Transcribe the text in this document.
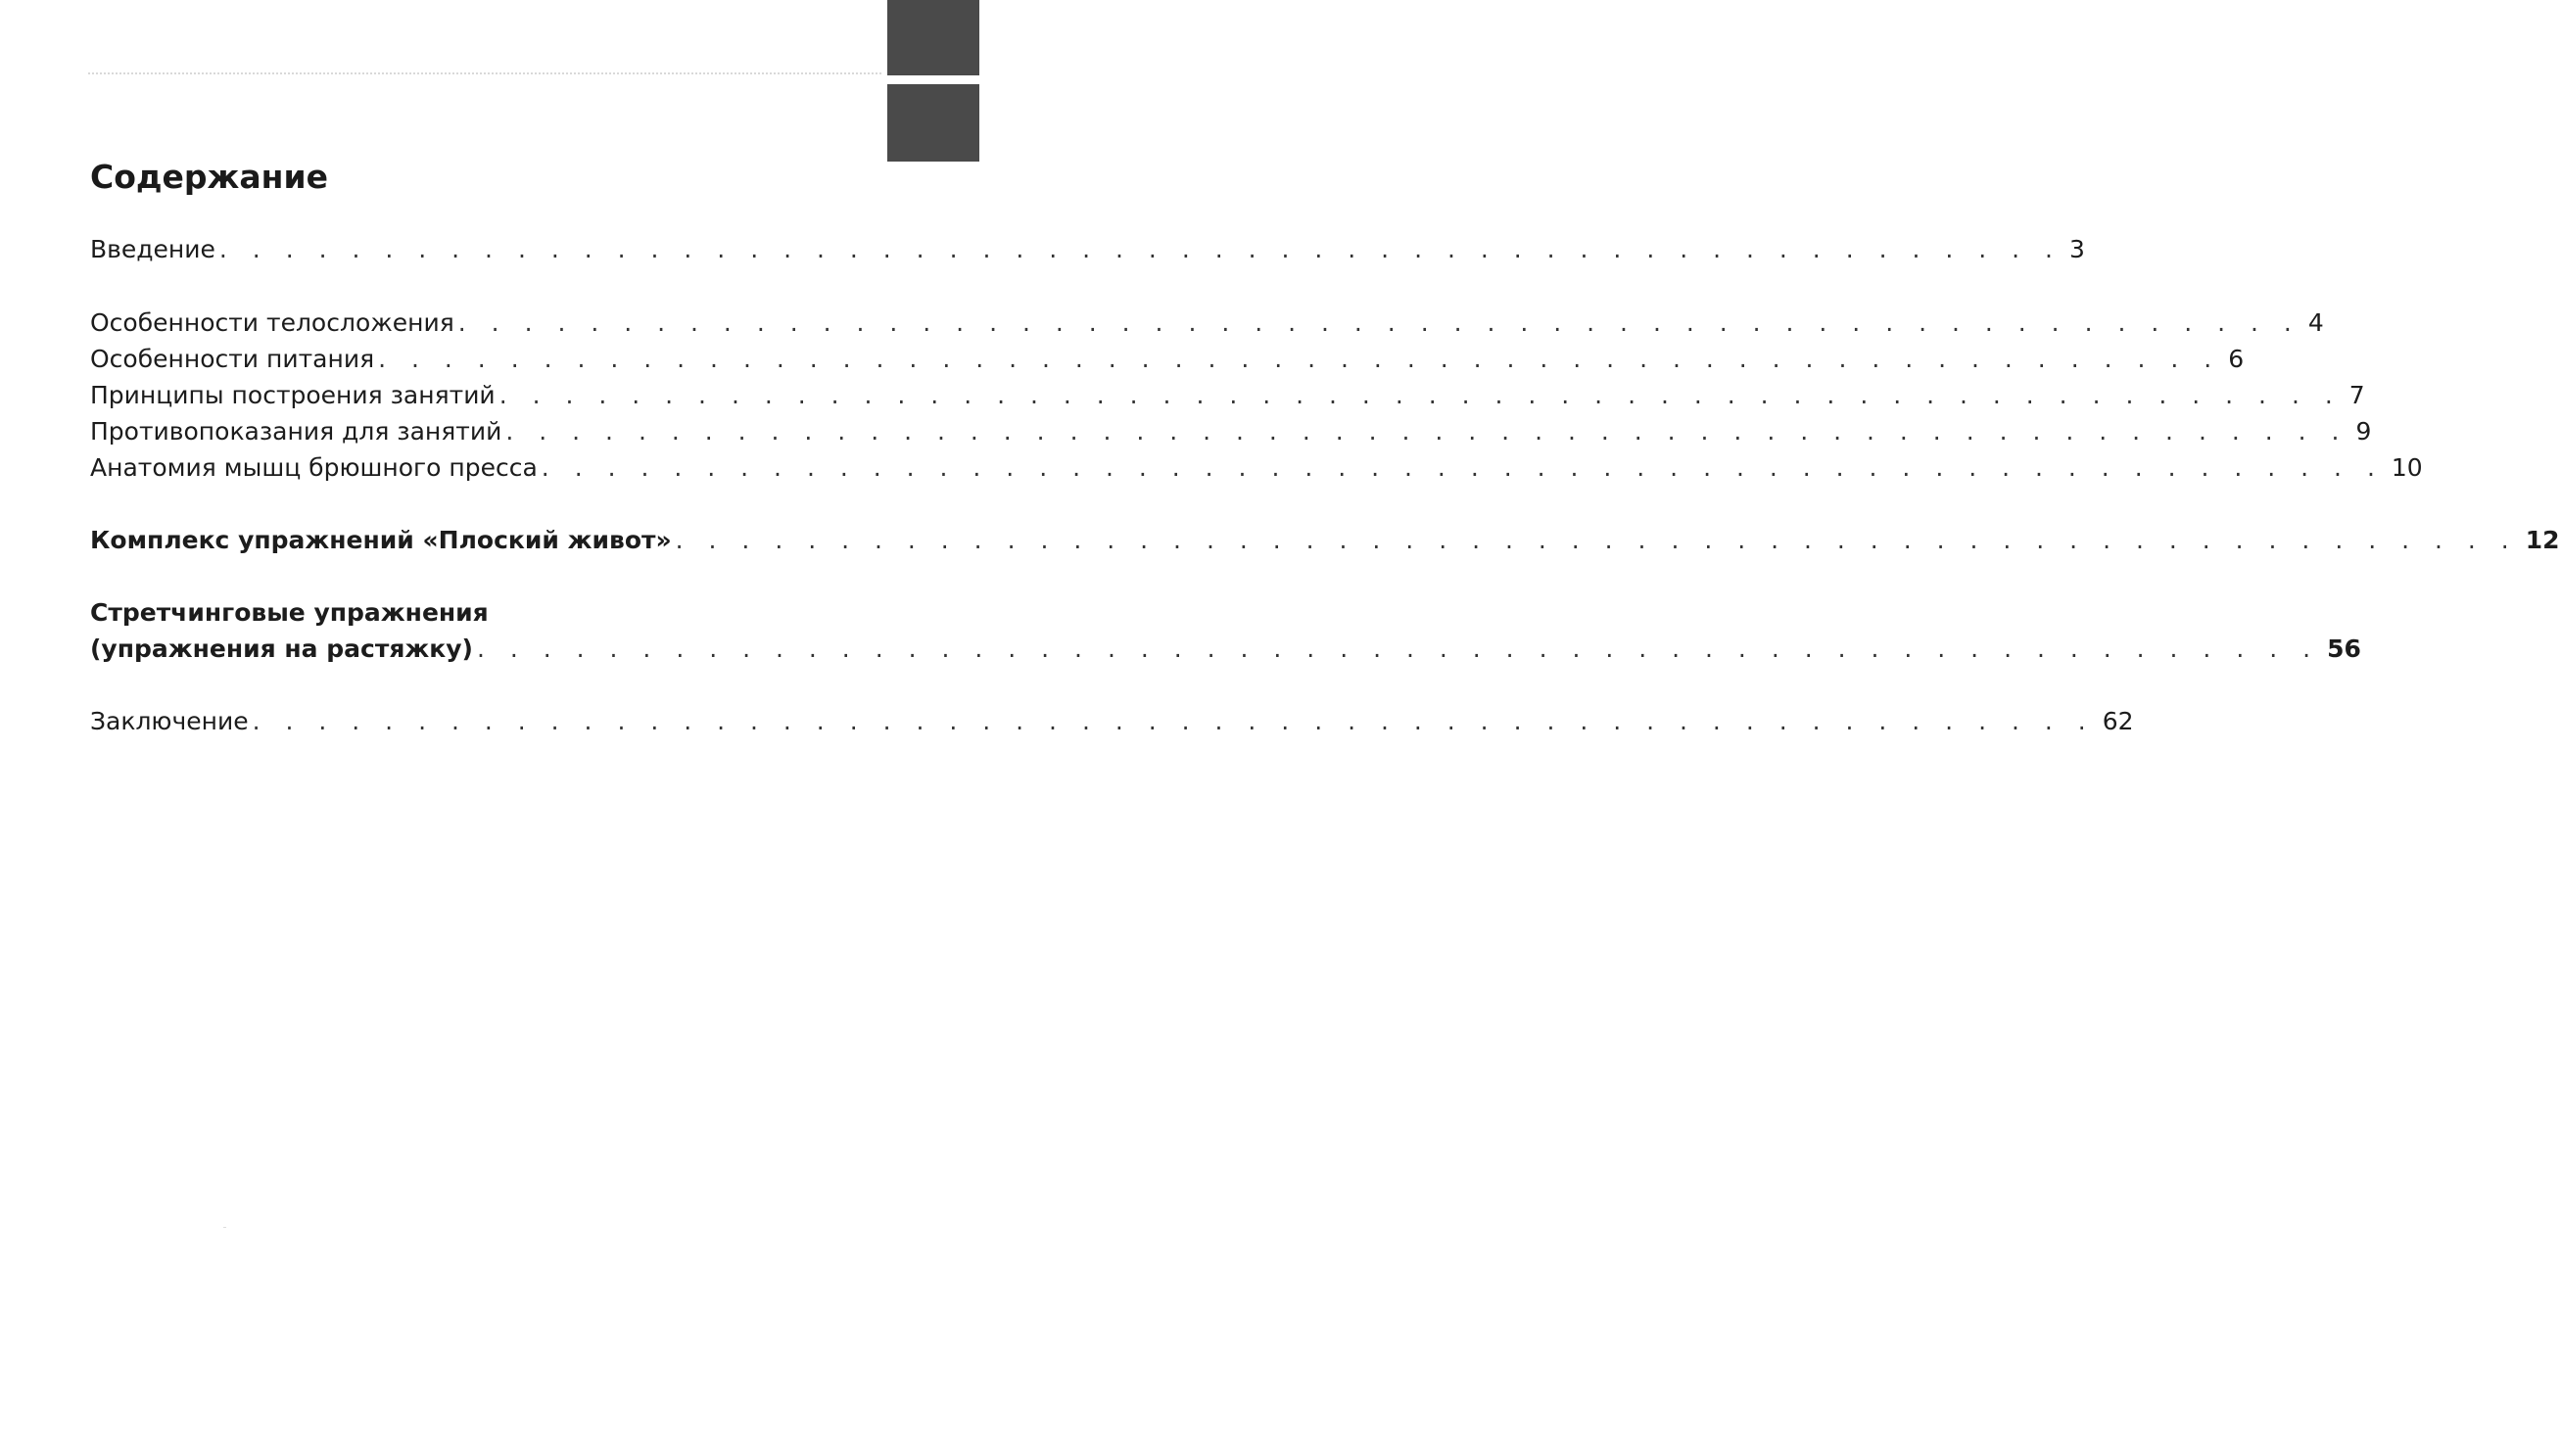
Содержание
Введение . . . . . . . . . . . . . . . . . . . . . . . . . . . . . . . . . . . . . . . . . . . . . . . . . . . . . . . . 3
Особенности телосложения . . . . . . . . . . . . . . . . . . . . . . . . . . . . . . . . . . . . . . . . . . . . . . . . . . . . . . . . 4
Особенности питания . . . . . . . . . . . . . . . . . . . . . . . . . . . . . . . . . . . . . . . . . . . . . . . . . . . . . . . . 6
Принципы построения занятий . . . . . . . . . . . . . . . . . . . . . . . . . . . . . . . . . . . . . . . . . . . . . . . . . . . . . . . . 7
Противопоказания для занятий . . . . . . . . . . . . . . . . . . . . . . . . . . . . . . . . . . . . . . . . . . . . . . . . . . . . . . . . 9
Анатомия мышц брюшного пресса . . . . . . . . . . . . . . . . . . . . . . . . . . . . . . . . . . . . . . . . . . . . . . . . . . . . . . . . 10
Комплекс упражнений «Плоский живот» . . . . . . . . . . . . . . . . . . . . . . . . . . . . . . . . . . . . . . . . . . . . . . . . . . . . . . . . 12
Стретчинговые упражнения
(упражнения на растяжку) . . . . . . . . . . . . . . . . . . . . . . . . . . . . . . . . . . . . . . . . . . . . . . . . . . . . . . . . 56
Заключение . . . . . . . . . . . . . . . . . . . . . . . . . . . . . . . . . . . . . . . . . . . . . . . . . . . . . . . . 62
